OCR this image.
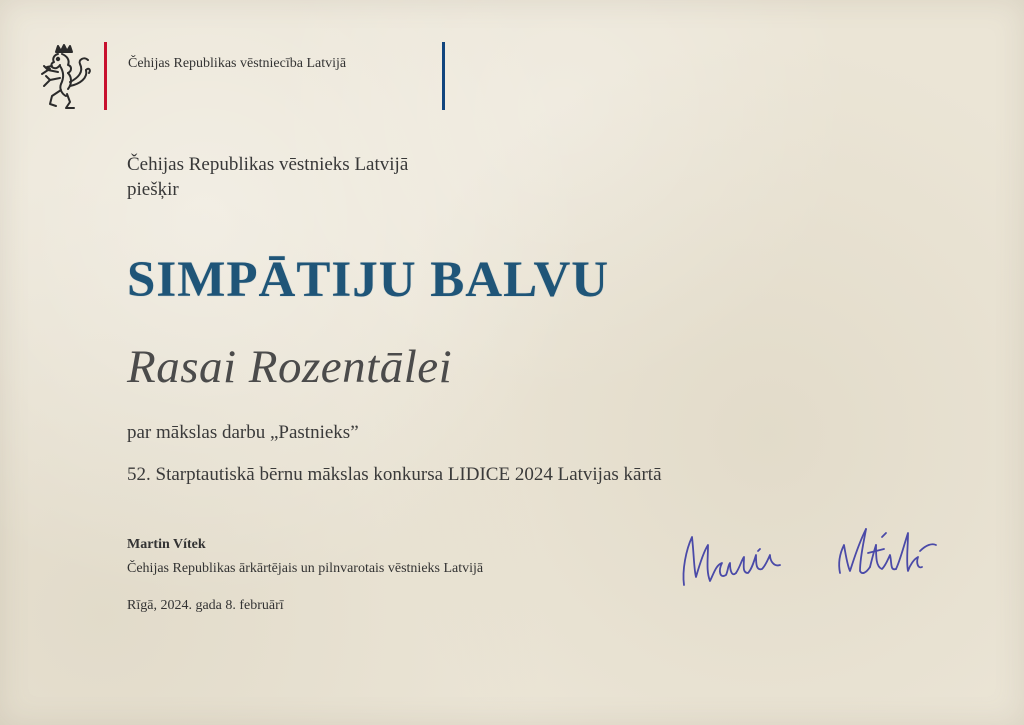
Čehijas Republikas vēstniecība Latvijā
Čehijas Republikas vēstnieks Latvijā
piešķir
SIMPĀTIJU BALVU
Rasai Rozentālei
par mākslas darbu „Pastnieks”
52. Starptautiskā bērnu mākslas konkursa LIDICE 2024 Latvijas kārtā
Martin Vítek
Čehijas Republikas ārkārtējais un pilnvarotais vēstnieks Latvijā
Rīgā, 2024. gada 8. februārī
